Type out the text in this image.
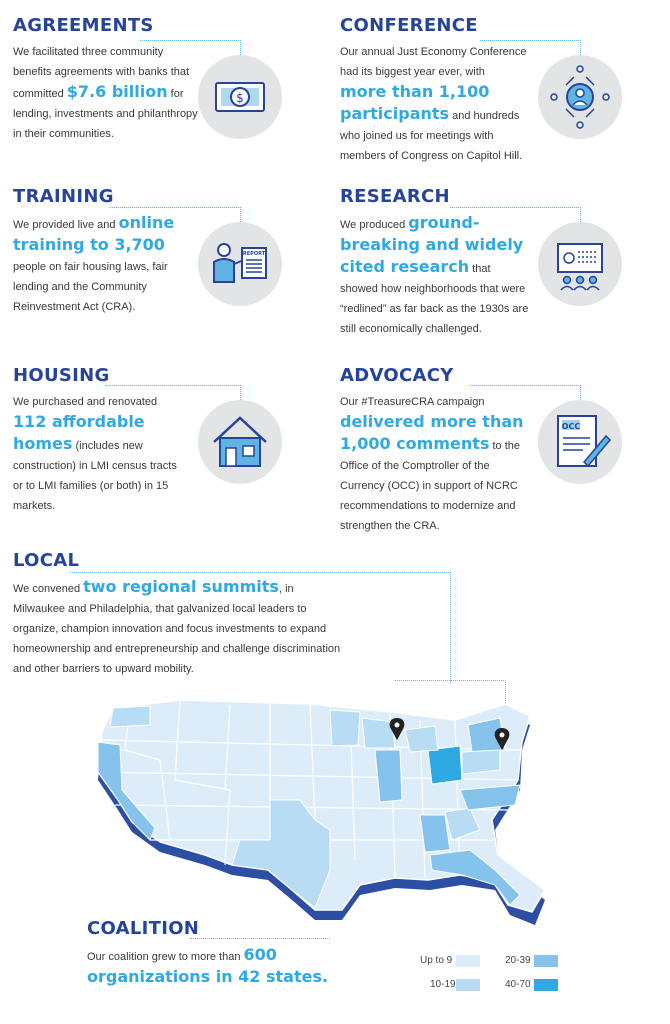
AGREEMENTS
We facilitated three community benefits agreements with banks that committed $7.6 billion for lending, investments and philanthropy in their communities.
$
CONFERENCE
Our annual Just Economy Conference had its biggest year ever, with more than 1,100 participants and hundreds who joined us for meetings with members of Congress on Capitol Hill.
TRAINING
We provided live and online training to 3,700 people on fair housing laws, fair lending and the Community Reinvestment Act (CRA).
REPORT
RESEARCH
We produced ground-breaking and widely cited research that showed how neighborhoods that were “redlined” as far back as the 1930s are still economically challenged.
HOUSING
We purchased and renovated 112 affordable homes (includes new construction) in LMI census tracts or to LMI families (or both) in 15 markets.
ADVOCACY
Our #TreasureCRA campaign delivered more than 1,000 comments to the Office of the Comptroller of the Currency (OCC) in support of NCRC recommendations to modernize and strengthen the CRA.
OCC
LOCAL
We convened two regional summits, in Milwaukee and Philadelphia, that galvanized local leaders to organize, champion innovation and focus investments to expand homeownership and entrepreneurship and challenge discrimination and other barriers to upward mobility.
COALITION
Our coalition grew to more than 600 organizations in 42 states.
Up to 9
10-19
20-39
40-70
